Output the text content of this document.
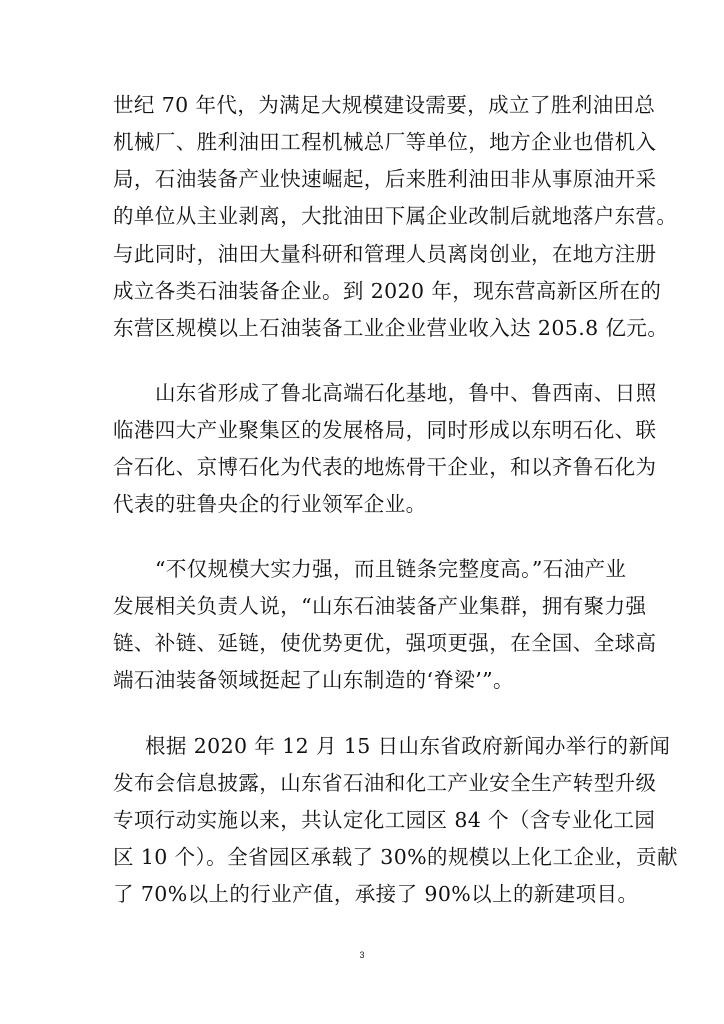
世纪 70 年代，为满足大规模建设需要，成立了胜利油田总
机械厂、胜利油田工程机械总厂等单位，地方企业也借机入
局，石油装备产业快速崛起，后来胜利油田非从事原油开采
的单位从主业剥离，大批油田下属企业改制后就地落户东营。
与此同时，油田大量科研和管理人员离岗创业，在地方注册
成立各类石油装备企业。到 2020 年，现东营高新区所在的
东营区规模以上石油装备工业企业营业收入达 205.8 亿元。
山东省形成了鲁北高端石化基地，鲁中、鲁西南、日照
临港四大产业聚集区的发展格局，同时形成以东明石化、联
合石化、京博石化为代表的地炼骨干企业，和以齐鲁石化为
代表的驻鲁央企的行业领军企业。
“不仅规模大实力强，而且链条完整度高。”石油产业
发展相关负责人说，“山东石油装备产业集群，拥有聚力强
链、补链、延链，使优势更优，强项更强，在全国、全球高
端石油装备领域挺起了山东制造的‘脊梁’”。
根据 2020 年 12 月 15 日山东省政府新闻办举行的新闻
发布会信息披露，山东省石油和化工产业安全生产转型升级
专项行动实施以来，共认定化工园区 84 个（含专业化工园
区 10 个）。全省园区承载了 30%的规模以上化工企业，贡献
了 70%以上的行业产值，承接了 90%以上的新建项目。
3
